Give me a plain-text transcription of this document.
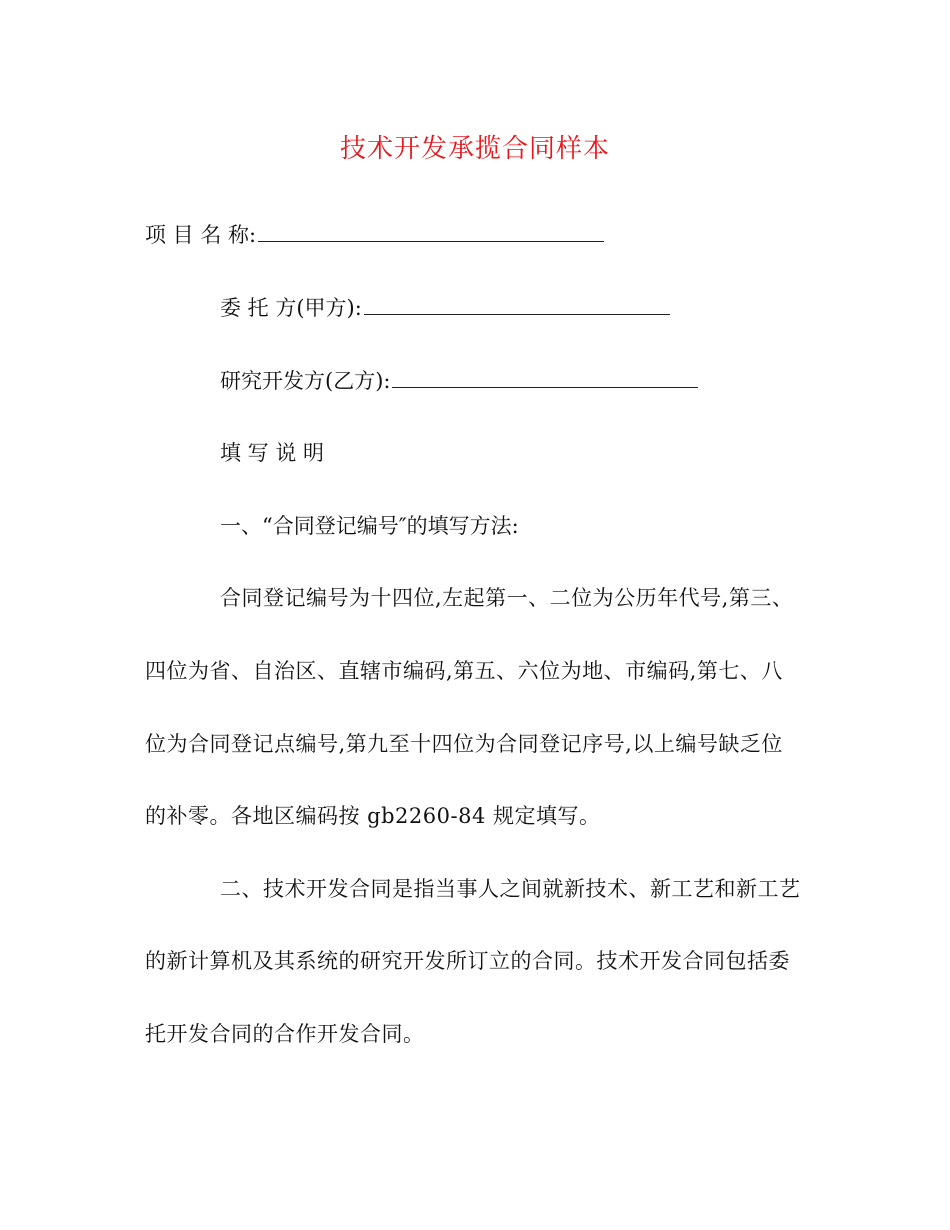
技术开发承揽合同样本
项 目 名 称:
委 托 方(甲方):
研究开发方(乙方):
填 写 说 明
一、“合同登记编号″的填写方法:
合同登记编号为十四位,左起第一、二位为公历年代号,第三、
四位为省、自治区、直辖市编码,第五、六位为地、市编码,第七、八
位为合同登记点编号,第九至十四位为合同登记序号,以上编号缺乏位
的补零。各地区编码按 gb2260-84 规定填写。
二、技术开发合同是指当事人之间就新技术、新工艺和新工艺
的新计算机及其系统的研究开发所订立的合同。技术开发合同包括委
托开发合同的合作开发合同。
